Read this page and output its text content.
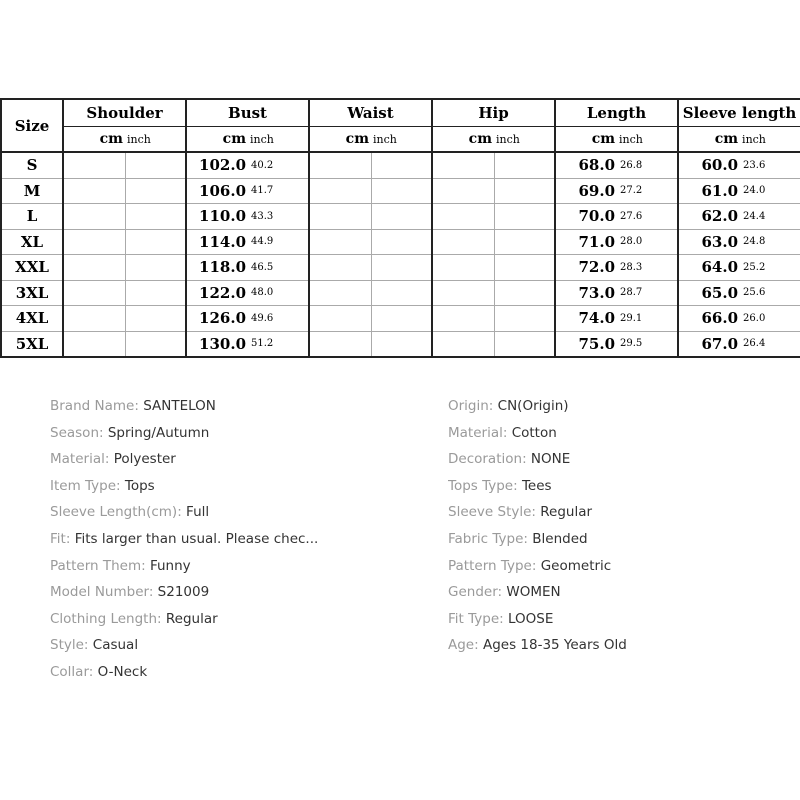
Size	Shoulder		Bust		Waist		Hip		Length		Sleeve length	
	cm	inch	cm	inch	cm	inch	cm	inch	cm	inch	cm	inch
S			102.0	40.2					68.0	26.8	60.0	23.6
M			106.0	41.7					69.0	27.2	61.0	24.0
L			110.0	43.3					70.0	27.6	62.0	24.4
XL			114.0	44.9					71.0	28.0	63.0	24.8
XXL			118.0	46.5					72.0	28.3	64.0	25.2
3XL			122.0	48.0					73.0	28.7	65.0	25.6
4XL			126.0	49.6					74.0	29.1	66.0	26.0
5XL			130.0	51.2					75.0	29.5	67.0	26.4
Brand Name: SANTELON
Season: Spring/Autumn
Material: Polyester
Item Type: Tops
Sleeve Length(cm): Full
Fit: Fits larger than usual. Please chec...
Pattern Them: Funny
Model Number: S21009
Clothing Length: Regular
Style: Casual
Collar: O-Neck
Origin: CN(Origin)
Material: Cotton
Decoration: NONE
Tops Type: Tees
Sleeve Style: Regular
Fabric Type: Blended
Pattern Type: Geometric
Gender: WOMEN
Fit Type: LOOSE
Age: Ages 18-35 Years Old
